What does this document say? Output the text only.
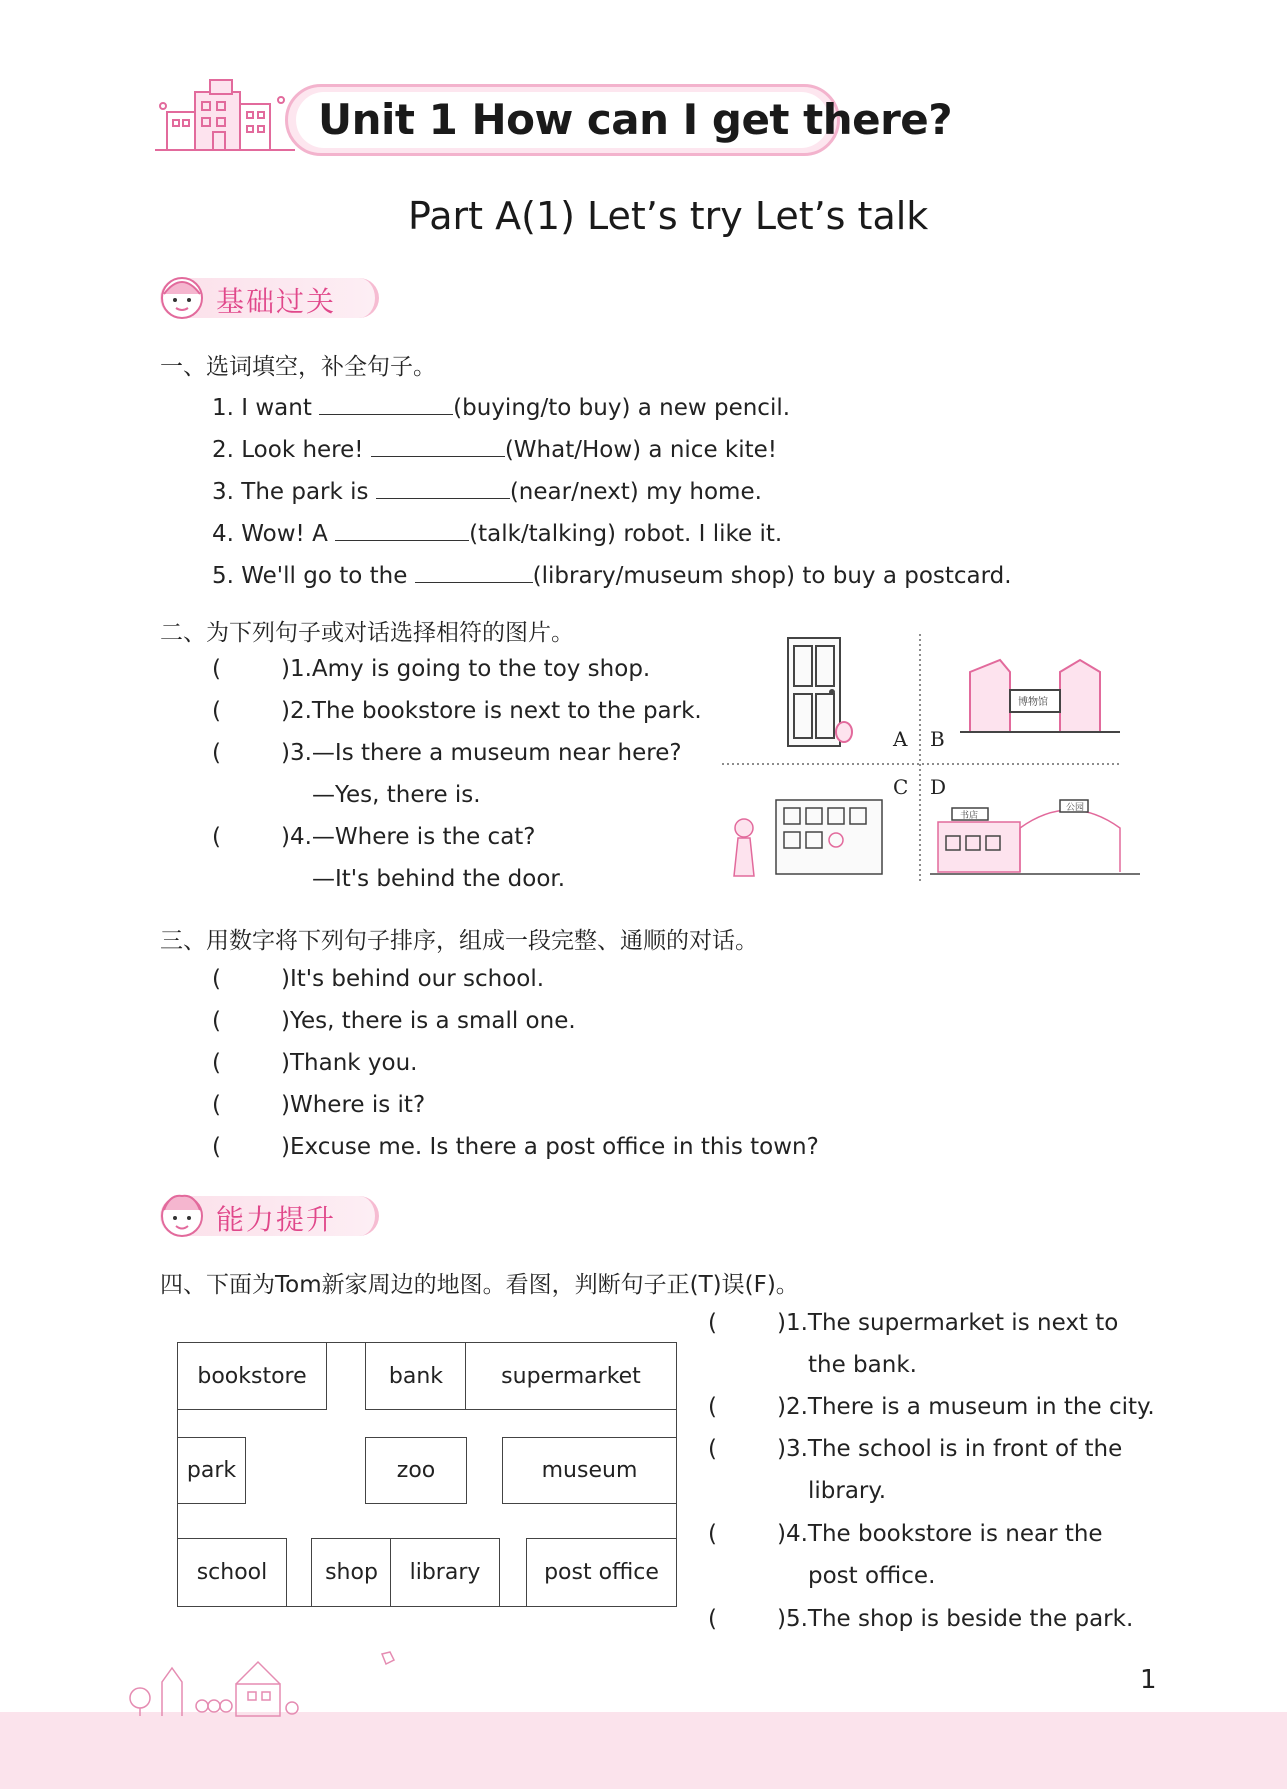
Unit 1 How can I get there?
Part A(1) Let’s try Let’s talk
基础过关
一、选词填空，补全句子。
1. I want	(buying/to buy) a new pencil.
2. Look here!	(What/How) a nice kite!
3. The park is	(near/next) my home.
4. Wow! A	(talk/talking) robot. I like it.
5. We'll go to the	(library/museum shop) to buy a postcard.
二、为下列句子或对话选择相符的图片。
(	)1.Amy is going to the toy shop.
(	)2.The bookstore is next to the park.
(	)3.—Is there a museum near here?
—Yes, there is.
(	)4.—Where is the cat?
—It's behind the door.
博物馆
A B
C D
书店
公园
三、用数字将下列句子排序，组成一段完整、通顺的对话。
(	)It's behind our school.
(	)Yes, there is a small one.
(	)Thank you.
(	)Where is it?
(	)Excuse me. Is there a post office in this town?
能力提升
四、下面为Tom新家周边的地图。看图，判断句子正(T)误(F)。
bookstore	bank	supermarket
park	zoo	museum
school	shop	library	post office
(	)1.The supermarket is next to
the bank.
(	)2.There is a museum in the city.
(	)3.The school is in front of the
library.
(	)4.The bookstore is near the
post office.
(	)5.The shop is beside the park.
1
